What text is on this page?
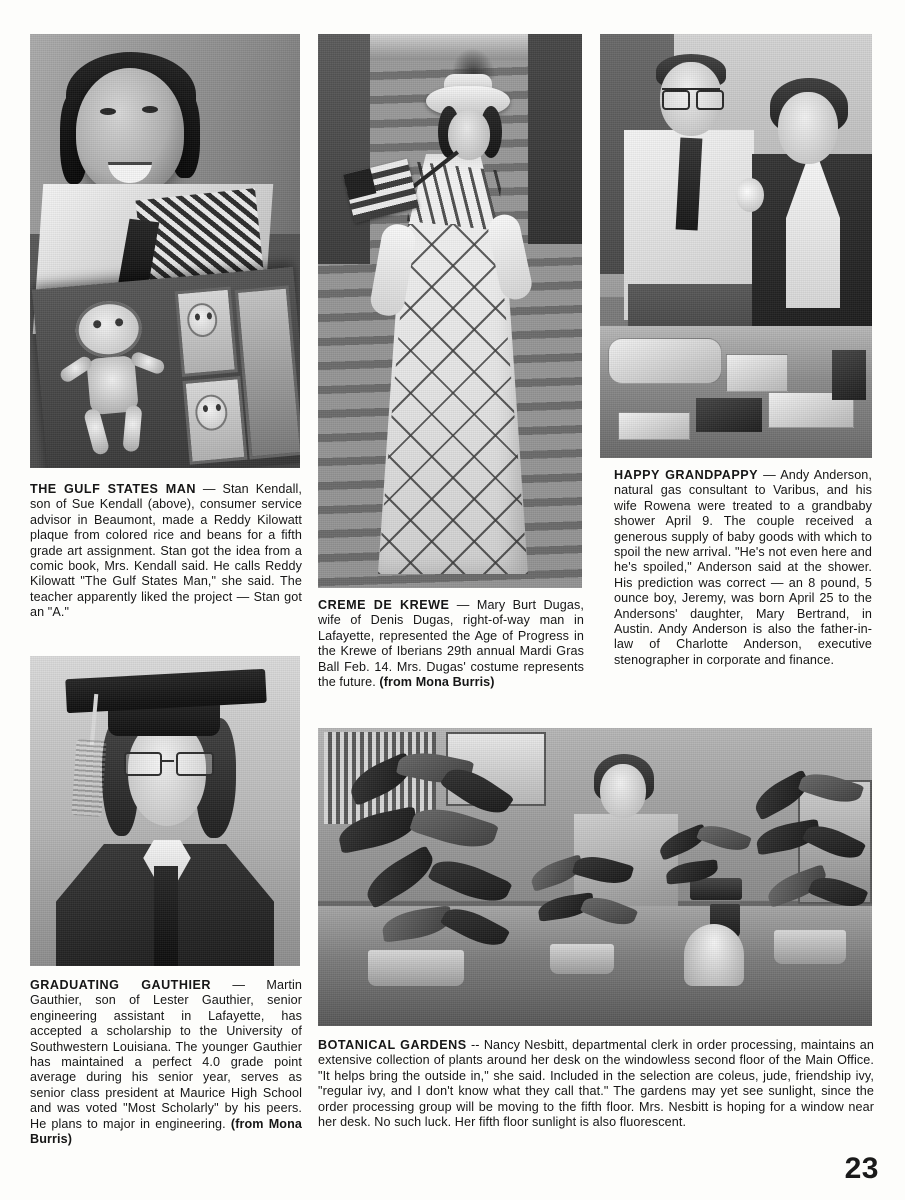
THE GULF STATES MAN — Stan Kendall, son of Sue Kendall (above), consumer service advisor in Beaumont, made a Reddy Kilowatt plaque from colored rice and beans for a fifth grade art assignment. Stan got the idea from a comic book, Mrs. Kendall said. He calls Reddy Kilowatt "The Gulf States Man," she said. The teacher apparently liked the project — Stan got an "A."
CREME DE KREWE — Mary Burt Dugas, wife of Denis Dugas, right-of-way man in Lafayette, represented the Age of Progress in the Krewe of Iberians 29th annual Mardi Gras Ball Feb. 14. Mrs. Dugas' costume represents the future. (from Mona Burris)
HAPPY GRANDPAPPY — Andy Anderson, natural gas consultant to Varibus, and his wife Rowena were treated to a grandbaby shower April 9. The couple received a generous supply of baby goods with which to spoil the new arrival. "He's not even here and he's spoiled," Anderson said at the shower. His prediction was correct — an 8 pound, 5 ounce boy, Jeremy, was born April 25 to the Andersons' daughter, Mary Bertrand, in Austin. Andy Anderson is also the father-in-law of Charlotte Anderson, executive stenographer in corporate and finance.
GRADUATING GAUTHIER — Martin Gauthier, son of Lester Gauthier, senior engineering assistant in Lafayette, has accepted a scholarship to the University of Southwestern Louisiana. The younger Gauthier has maintained a perfect 4.0 grade point average during his senior year, serves as senior class president at Maurice High School and was voted "Most Scholarly" by his peers. He plans to major in engineering. (from Mona Burris)
BOTANICAL GARDENS -- Nancy Nesbitt, departmental clerk in order processing, maintains an extensive collection of plants around her desk on the windowless second floor of the Main Office. "It helps bring the outside in," she said. Included in the selection are coleus, jude, friendship ivy, "regular ivy, and I don't know what they call that." The gardens may yet see sunlight, since the order processing group will be moving to the fifth floor. Mrs. Nesbitt is hoping for a window near her desk. No such luck. Her fifth floor sunlight is also fluorescent.
23
